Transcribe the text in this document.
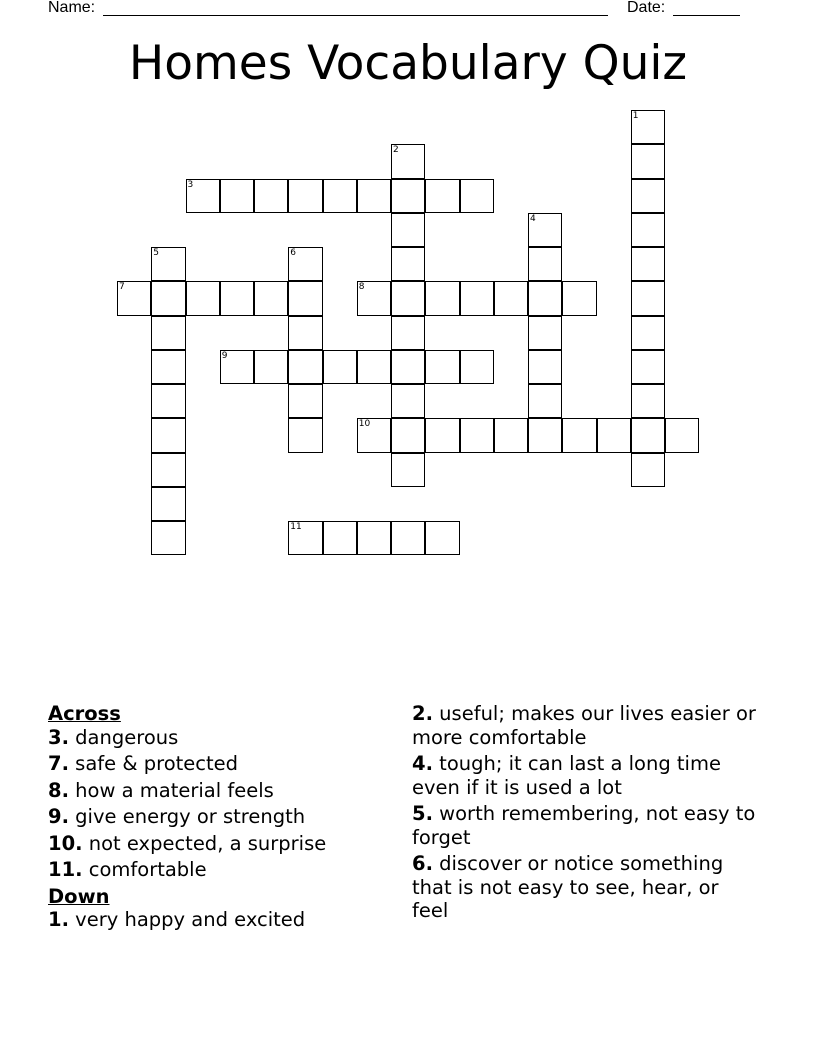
Name:	Date:
Homes Vocabulary Quiz
1
2
3
4
5	6
7	8
9
10
11
Across
3. dangerous
7. safe & protected
8. how a material feels
9. give energy or strength
10. not expected, a surprise
11. comfortable
Down
1. very happy and excited
2. useful; makes our lives easier or more comfortable
4. tough; it can last a long time even if it is used a lot
5. worth remembering, not easy to forget
6. discover or notice something that is not easy to see, hear, or feel
